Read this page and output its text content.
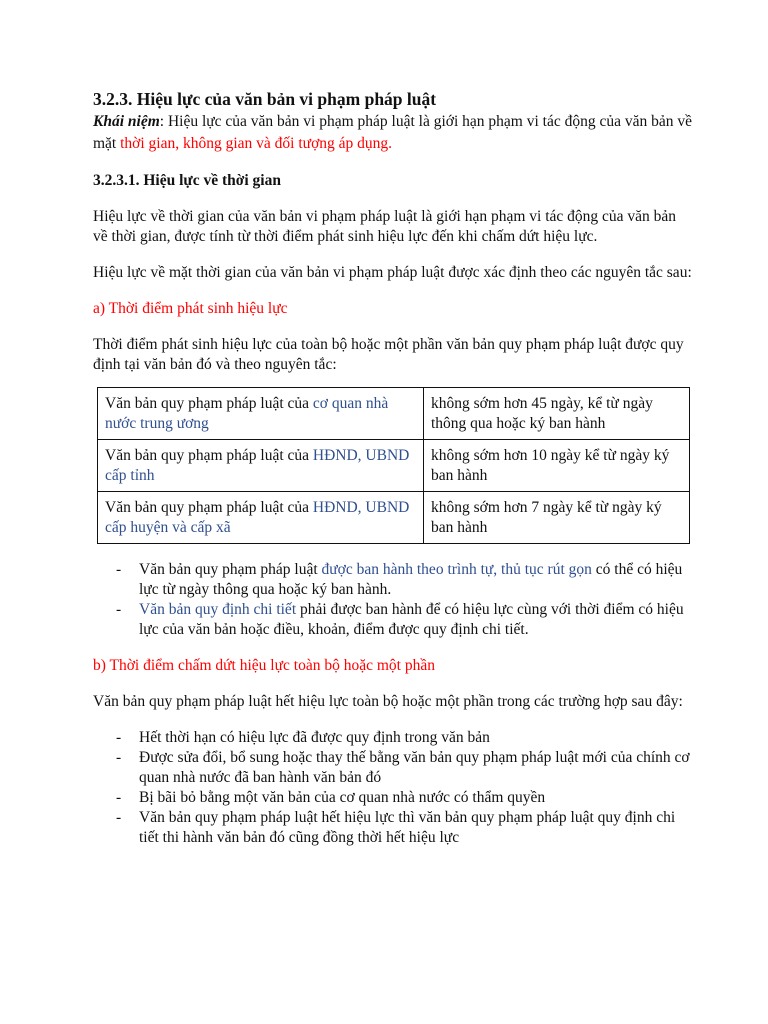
3.2.3. Hiệu lực của văn bản vi phạm pháp luật

Khái niệm: Hiệu lực của văn bản vi phạm pháp luật là giới hạn phạm vi tác động của văn bản về mặt thời gian, không gian và đối tượng áp dụng.

3.2.3.1. Hiệu lực về thời gian

Hiệu lực về thời gian của văn bản vi phạm pháp luật là giới hạn phạm vi tác động của văn bản về thời gian, được tính từ thời điểm phát sinh hiệu lực đến khi chấm dứt hiệu lực.

Hiệu lực về mặt thời gian của văn bản vi phạm pháp luật được xác định theo các nguyên tắc sau:

a) Thời điểm phát sinh hiệu lực

Thời điểm phát sinh hiệu lực của toàn bộ hoặc một phần văn bản quy phạm pháp luật được quy định tại văn bản đó và theo nguyên tắc:

Văn bản quy phạm pháp luật của cơ quan nhà nước trung ương	không sớm hơn 45 ngày, kể từ ngày thông qua hoặc ký ban hành
Văn bản quy phạm pháp luật của HĐND, UBND cấp tỉnh	không sớm hơn 10 ngày kể từ ngày ký ban hành
Văn bản quy phạm pháp luật của HĐND, UBND cấp huyện và cấp xã	không sớm hơn 7 ngày kể từ ngày ký ban hành
- Văn bản quy phạm pháp luật được ban hành theo trình tự, thủ tục rút gọn có thể có hiệu lực từ ngày thông qua hoặc ký ban hành.
- Văn bản quy định chi tiết phải được ban hành để có hiệu lực cùng với thời điểm có hiệu lực của văn bản hoặc điều, khoản, điểm được quy định chi tiết.

b) Thời điểm chấm dứt hiệu lực toàn bộ hoặc một phần

Văn bản quy phạm pháp luật hết hiệu lực toàn bộ hoặc một phần trong các trường hợp sau đây:

- Hết thời hạn có hiệu lực đã được quy định trong văn bản
- Được sửa đổi, bổ sung hoặc thay thế bằng văn bản quy phạm pháp luật mới của chính cơ quan nhà nước đã ban hành văn bản đó
- Bị bãi bỏ bằng một văn bản của cơ quan nhà nước có thẩm quyền
- Văn bản quy phạm pháp luật hết hiệu lực thì văn bản quy phạm pháp luật quy định chi tiết thi hành văn bản đó cũng đồng thời hết hiệu lực
